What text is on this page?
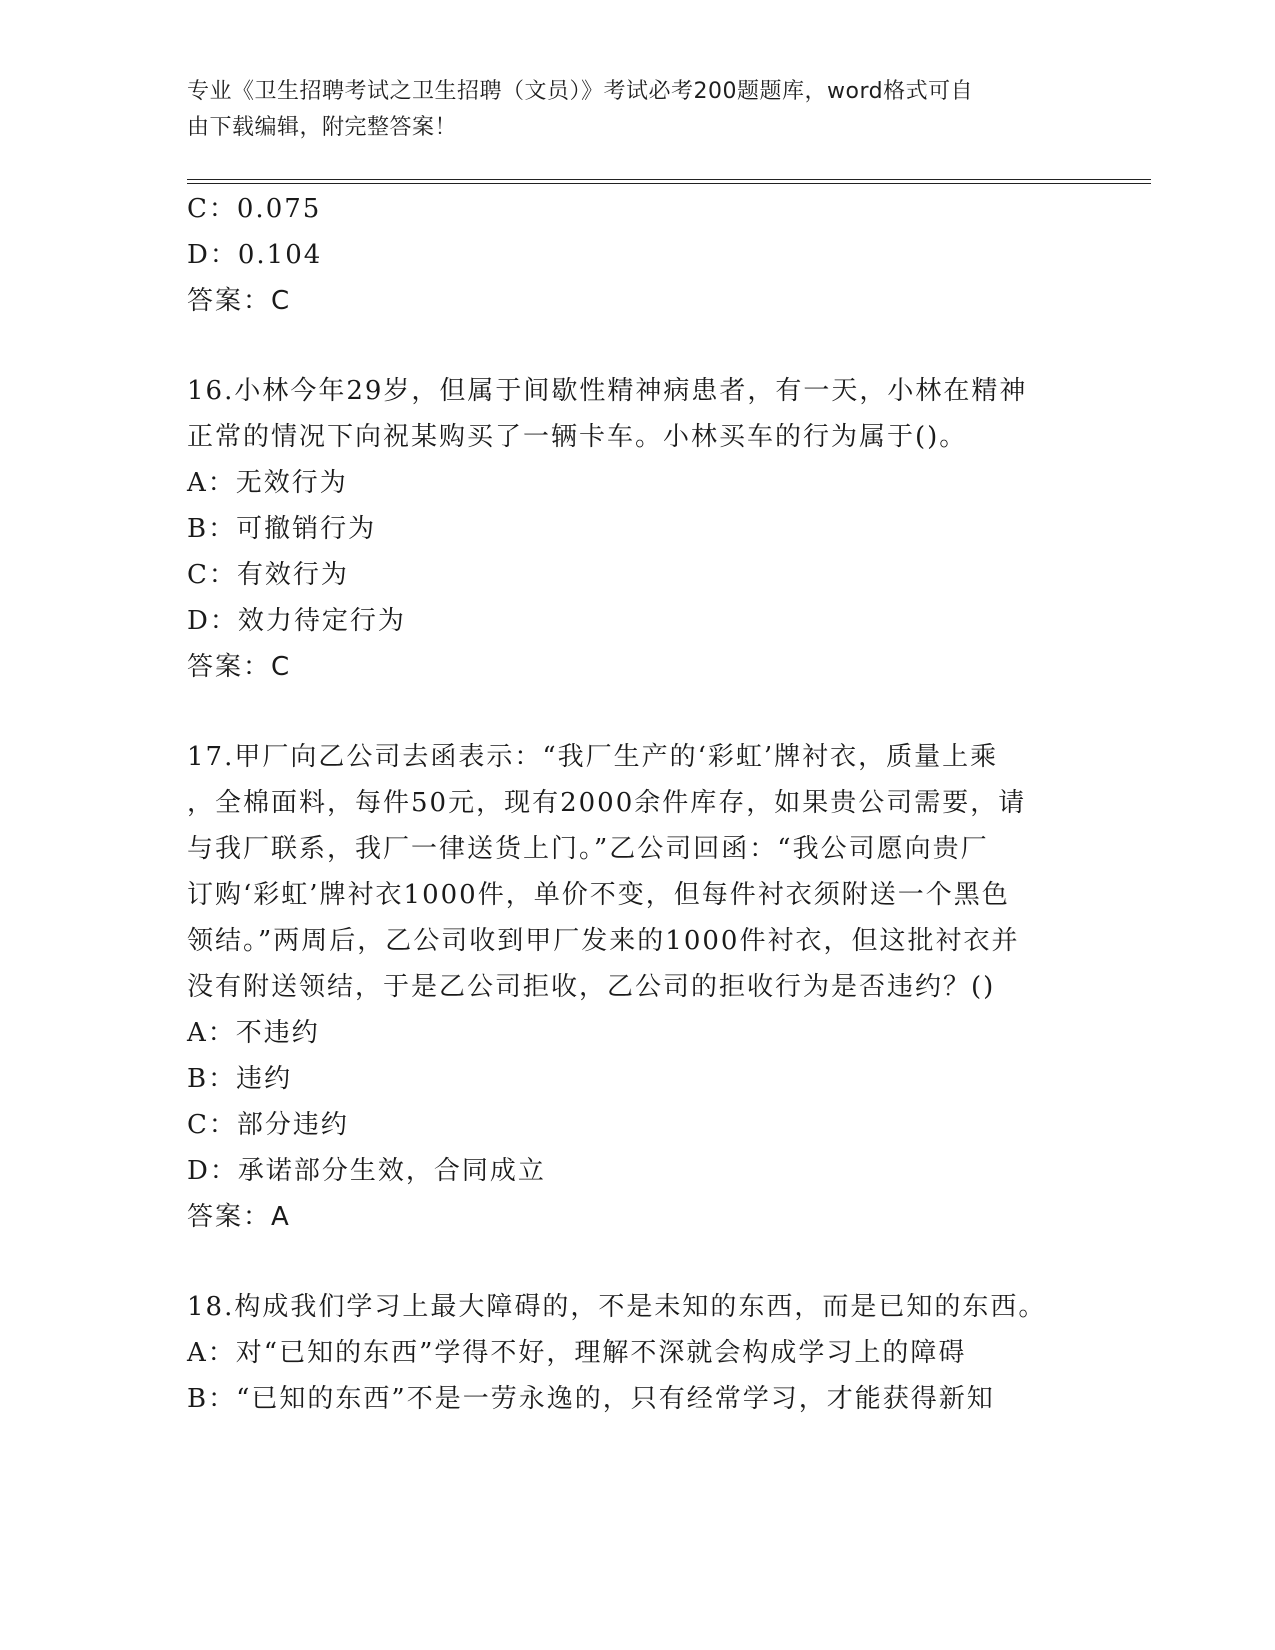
专业《卫生招聘考试之卫生招聘（文员）》考试必考200题题库，word格式可自
由下载编辑，附完整答案！
C：0.075
D：0.104
答案：C
16.小林今年29岁，但属于间歇性精神病患者，有一天，小林在精神
正常的情况下向祝某购买了一辆卡车。小林买车的行为属于()。
A：无效行为
B：可撤销行为
C：有效行为
D：效力待定行为
答案：C
17.甲厂向乙公司去函表示：“我厂生产的‘彩虹’牌衬衣，质量上乘
，全棉面料，每件50元，现有2000余件库存，如果贵公司需要，请
与我厂联系，我厂一律送货上门。”乙公司回函：“我公司愿向贵厂
订购‘彩虹’牌衬衣1000件，单价不变，但每件衬衣须附送一个黑色
领结。”两周后，乙公司收到甲厂发来的1000件衬衣，但这批衬衣并
没有附送领结，于是乙公司拒收，乙公司的拒收行为是否违约？()
A：不违约
B：违约
C：部分违约
D：承诺部分生效，合同成立
答案：A
18.构成我们学习上最大障碍的，不是未知的东西，而是已知的东西。
A：对“已知的东西”学得不好，理解不深就会构成学习上的障碍
B：“已知的东西”不是一劳永逸的，只有经常学习，才能获得新知
